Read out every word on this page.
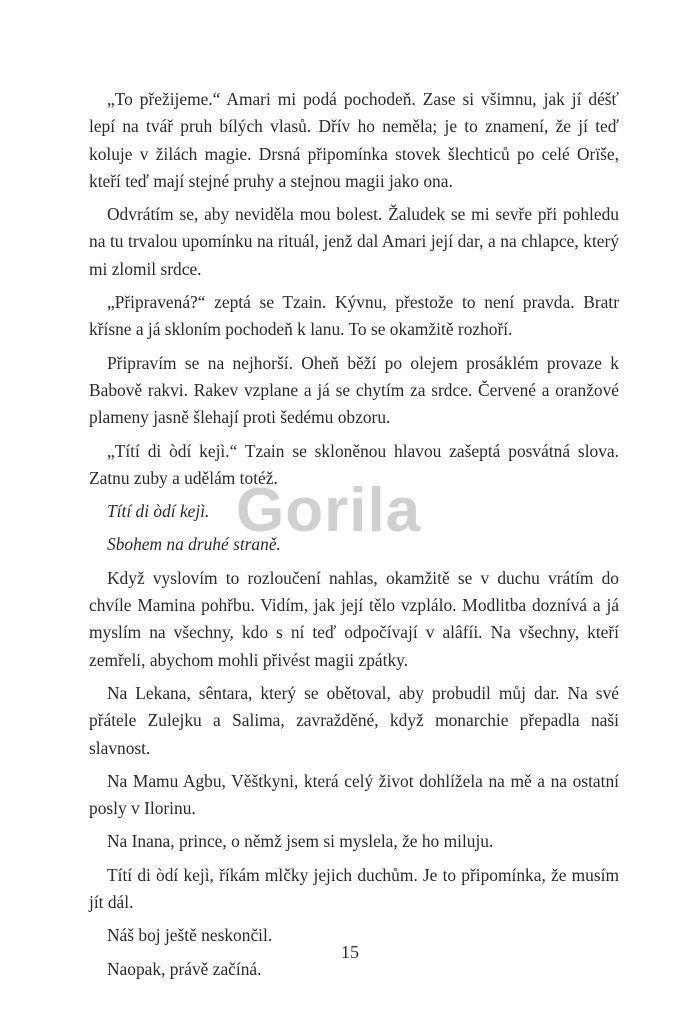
„To přežijeme.“ Amari mi podá pochodeň. Zase si všimnu, jak jí déšť lepí na tvář pruh bílých vlasů. Dřív ho neměla; je to znamení, že jí teď koluje v žilách magie. Drsná připomínka stovek šlechticů po celé Orïše, kteří teď mají stejné pruhy a stejnou magii jako ona.

Odvrátím se, aby neviděla mou bolest. Žaludek se mi sevře při pohledu na tu trvalou upomínku na rituál, jenž dal Amari její dar, a na chlapce, který mi zlomil srdce.

„Připravená?“ zeptá se Tzain. Kývnu, přestože to není pravda. Bratr křísne a já skloním pochodeň k lanu. To se okamžitě rozhoří.

Připravím se na nejhorší. Oheň běží po olejem prosáklém provaze k Babově rakvi. Rakev vzplane a já se chytím za srdce. Červené a oranžové plameny jasně šlehají proti šedému obzoru.

„Títí di òdí kejì.“ Tzain se skloněnou hlavou zašeptá posvátná slova. Zatnu zuby a udělám totéž.

Títí di òdí kejì.

Sbohem na druhé straně.

Když vyslovím to rozloučení nahlas, okamžitě se v duchu vrátím do chvíle Mamina pohřbu. Vidím, jak její tělo vzplálo. Modlitba doznívá a já myslím na všechny, kdo s ní teď odpočívají v alâfíi. Na všechny, kteří zemřeli, abychom mohli přivést magii zpátky.

Na Lekana, sêntara, který se obětoval, aby probudil můj dar. Na své přátele Zulejku a Salima, zavražděné, když monarchie přepadla naši slavnost.

Na Mamu Agbu, Věštkyni, která celý život dohlížela na mě a na ostatní posly v Ilorinu.

Na Inana, prince, o němž jsem si myslela, že ho miluju.

Títí di òdí kejì, říkám mlčky jejich duchům. Je to připomínka, že musím jít dál.

Náš boj ještě neskončil.

Naopak, právě začíná.

Gorila
15
